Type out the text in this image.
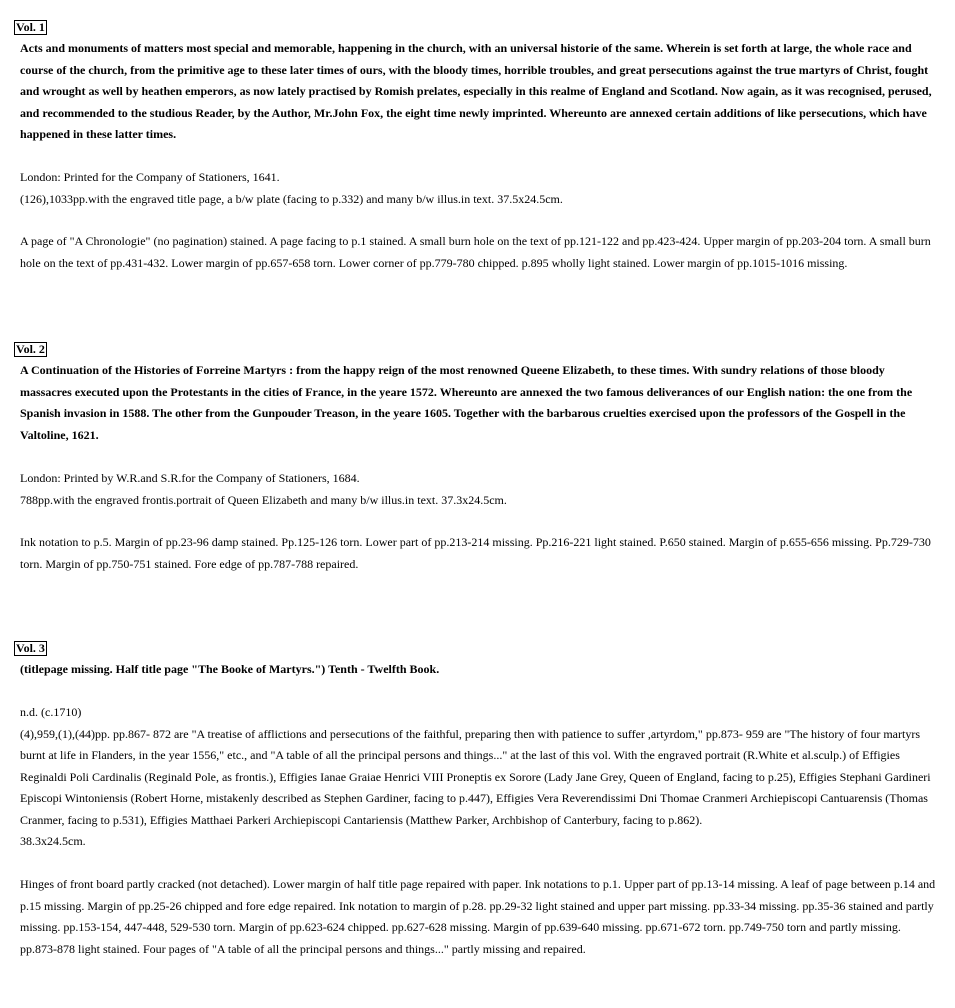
Vol. 1
Acts and monuments of matters most special and memorable, happening in the church, with an universal historie of the same. Wherein is set forth at large, the whole race and course of the church, from the primitive age to these later times of ours, with the bloody times, horrible troubles, and great persecutions against the true martyrs of Christ, fought and wrought as well by heathen emperors, as now lately practised by Romish prelates, especially in this realme of England and Scotland. Now again, as it was recognised, perused, and recommended to the studious Reader, by the Author, Mr.John Fox, the eight time newly imprinted. Whereunto are annexed certain additions of like persecutions, which have happened in these latter times.
London: Printed for the Company of Stationers, 1641.
(126),1033pp.with the engraved title page, a b/w plate (facing to p.332) and many b/w illus.in text. 37.5x24.5cm.
A page of "A Chronologie" (no pagination) stained. A page facing to p.1 stained. A small burn hole on the text of pp.121-122 and pp.423-424. Upper margin of pp.203-204 torn. A small burn hole on the text of pp.431-432. Lower margin of pp.657-658 torn. Lower corner of pp.779-780 chipped. p.895 wholly light stained. Lower margin of pp.1015-1016 missing.
Vol. 2
A Continuation of the Histories of Forreine Martyrs : from the happy reign of the most renowned Queene Elizabeth, to these times. With sundry relations of those bloody massacres executed upon the Protestants in the cities of France, in the yeare 1572. Whereunto are annexed the two famous deliverances of our English nation: the one from the Spanish invasion in 1588. The other from the Gunpouder Treason, in the yeare 1605. Together with the barbarous cruelties exercised upon the professors of the Gospell in the Valtoline, 1621.
London: Printed by W.R.and S.R.for the Company of Stationers, 1684.
788pp.with the engraved frontis.portrait of Queen Elizabeth and many b/w illus.in text. 37.3x24.5cm.
Ink notation to p.5. Margin of pp.23-96 damp stained. Pp.125-126 torn. Lower part of pp.213-214 missing. Pp.216-221 light stained. P.650 stained. Margin of p.655-656 missing. Pp.729-730 torn. Margin of pp.750-751 stained. Fore edge of pp.787-788 repaired.
Vol. 3
(titlepage missing. Half title page "The Booke of Martyrs.") Tenth - Twelfth Book.
n.d. (c.1710)
(4),959,(1),(44)pp. pp.867- 872 are "A treatise of afflictions and persecutions of the faithful, preparing then with patience to suffer ,artyrdom," pp.873- 959 are "The history of four martyrs burnt at life in Flanders, in the year 1556," etc., and "A table of all the principal persons and things..." at the last of this vol. With the engraved portrait (R.White et al.sculp.) of Effigies Reginaldi Poli Cardinalis (Reginald Pole, as frontis.), Effigies Ianae Graiae Henrici VIII Proneptis ex Sorore (Lady Jane Grey, Queen of England, facing to p.25), Effigies Stephani Gardineri Episcopi Wintoniensis (Robert Horne, mistakenly described as Stephen Gardiner, facing to p.447), Effigies Vera Reverendissimi Dni Thomae Cranmeri Archiepiscopi Cantuarensis (Thomas Cranmer, facing to p.531), Effigies Matthaei Parkeri Archiepiscopi Cantariensis (Matthew Parker, Archbishop of Canterbury, facing to p.862).
38.3x24.5cm.
Hinges of front board partly cracked (not detached). Lower margin of half title page repaired with paper. Ink notations to p.1. Upper part of pp.13-14 missing. A leaf of page between p.14 and p.15 missing. Margin of pp.25-26 chipped and fore edge repaired. Ink notation to margin of p.28. pp.29-32 light stained and upper part missing. pp.33-34 missing. pp.35-36 stained and partly missing. pp.153-154, 447-448, 529-530 torn. Margin of pp.623-624 chipped. pp.627-628 missing. Margin of pp.639-640 missing. pp.671-672 torn. pp.749-750 torn and partly missing. pp.873-878 light stained. Four pages of "A table of all the principal persons and things..." partly missing and repaired.
